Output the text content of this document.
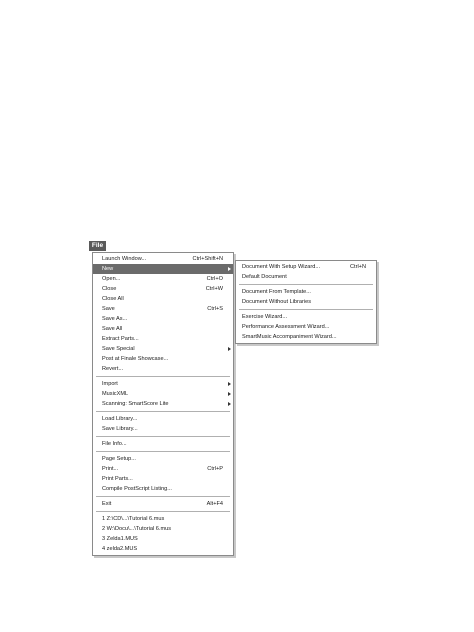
File
Launch Window...	Ctrl+Shift+N
New
Open...	Ctrl+O
Close	Ctrl+W
Close All
Save	Ctrl+S
Save As...
Save All
Extract Parts...
Save Special
Post at Finale Showcase...
Revert...
Import
MusicXML
Scanning: SmartScore Lite
Load Library...
Save Library...
File Info...
Page Setup...
Print...	Ctrl+P
Print Parts...
Compile PostScript Listing...
Exit	Alt+F4
1 Z:\CD\...\Tutorial 6.mus
2 W:\Docu\...\Tutorial 6.mus
3 Zelda1.MUS
4 zelda2.MUS
Document With Setup Wizard...	Ctrl+N
Default Document
Document From Template...
Document Without Libraries
Exercise Wizard...
Performance Assessment Wizard...
SmartMusic Accompaniment Wizard...
